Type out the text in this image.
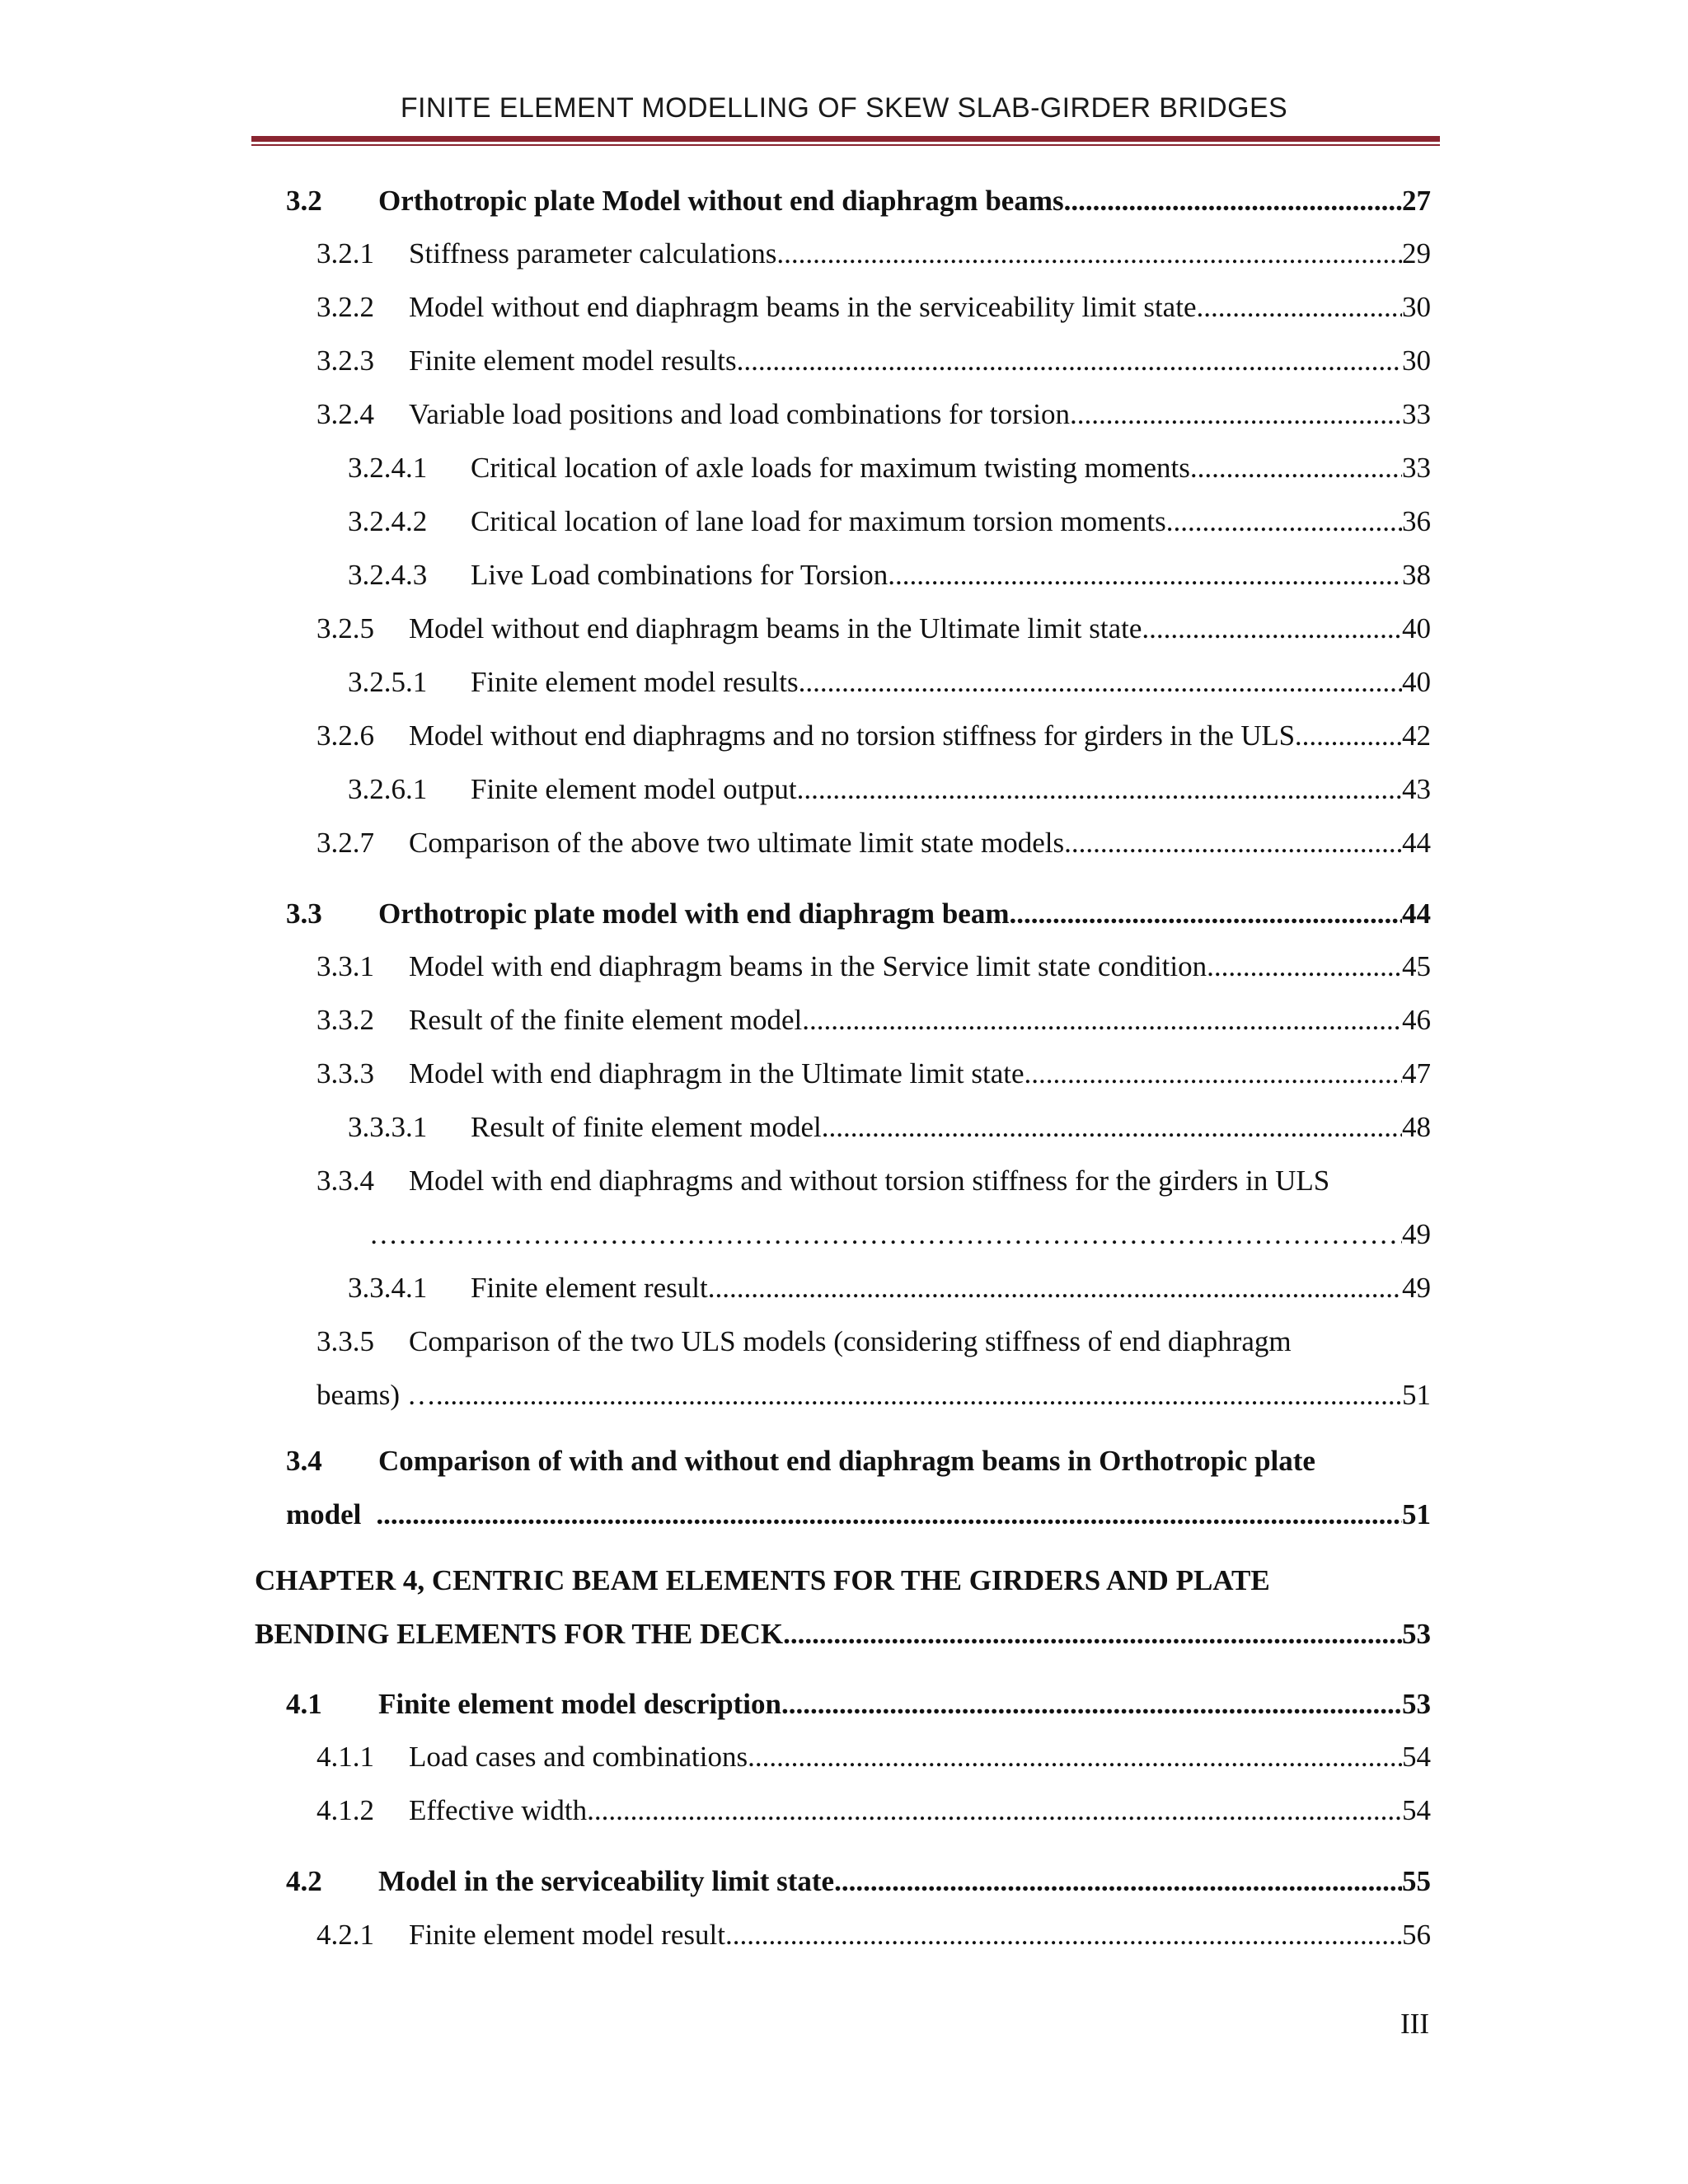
FINITE ELEMENT MODELLING OF SKEW SLAB-GIRDER BRIDGES
3.2	Orthotropic plate Model without end diaphragm beams .....	27
3.2.1	Stiffness parameter calculations .....	29
3.2.2	Model without end diaphragm beams in the serviceability limit state .....	30
3.2.3	Finite element model results .....	30
3.2.4	Variable load positions and load combinations for torsion .....	33
3.2.4.1	Critical location of axle loads for maximum twisting moments .....	33
3.2.4.2	Critical location of lane load for maximum torsion moments .....	36
3.2.4.3	Live Load combinations for Torsion .....	38
3.2.5	Model without end diaphragm beams in the Ultimate limit state .....	40
3.2.5.1	Finite element model results .....	40
3.2.6	Model without end diaphragms and no torsion stiffness for girders in the ULS .....	42
3.2.6.1	Finite element model output .....	43
3.2.7	Comparison of the above two ultimate limit state models .....	44
3.3	Orthotropic plate model with end diaphragm beam .....	44
3.3.1	Model with end diaphragm beams in the Service limit state condition .....	45
3.3.2	Result of the finite element model .....	46
3.3.3	Model with end diaphragm in the Ultimate limit state .....	47
3.3.3.1	Result of finite element model .....	48
3.3.4 Model with end diaphragms and without torsion stiffness for the girders in ULS
………………………………………………………………………………………………………………………………………………………………
49
3.3.4.1	Finite element result .....	49
3.3.5 Comparison of the two ULS models (considering stiffness of end diaphragm
beams) … .....	51
3.4 Comparison of with and without end diaphragm beams in Orthotropic plate
model .....	51
CHAPTER 4, CENTRIC BEAM ELEMENTS FOR THE GIRDERS AND PLATE
BENDING ELEMENTS FOR THE DECK .....	53
4.1	Finite element model description .....	53
4.1.1	Load cases and combinations .....	54
4.1.2	Effective width .....	54
4.2	Model in the serviceability limit state .....	55
4.2.1	Finite element model result .....	56
III
